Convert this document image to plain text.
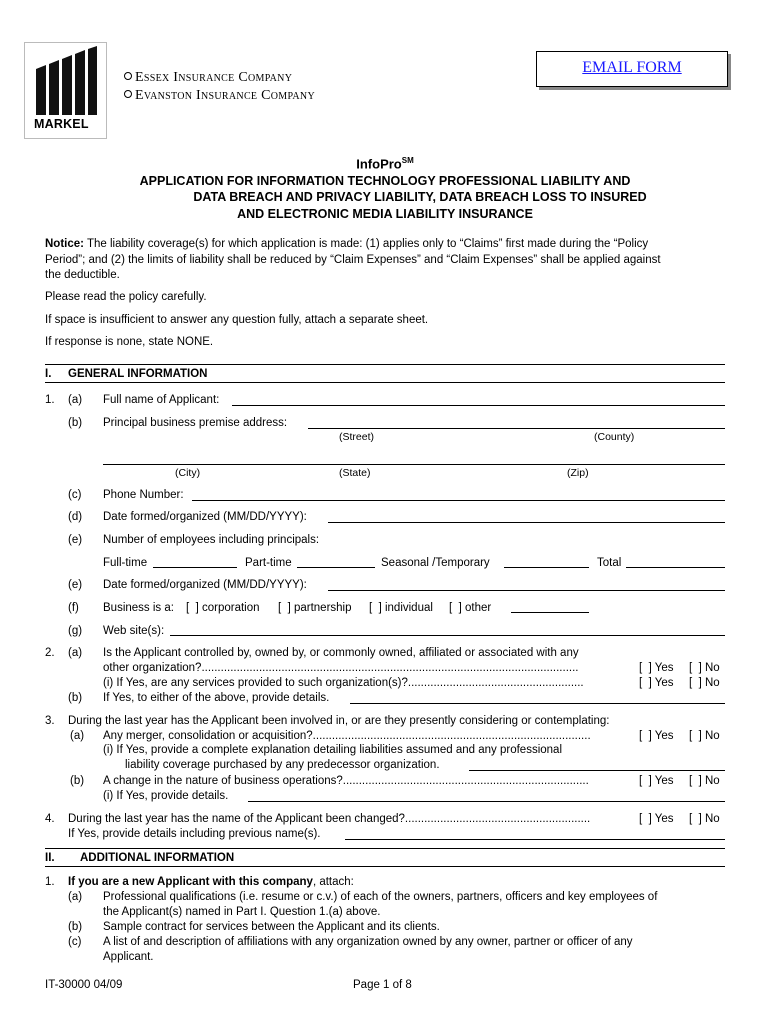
MARKEL
Essex Insurance Company
Evanston Insurance Company
EMAIL FORM
InfoPro℠
APPLICATION FOR INFORMATION TECHNOLOGY PROFESSIONAL LIABILITY AND
DATA BREACH AND PRIVACY LIABILITY, DATA BREACH LOSS TO INSURED
AND ELECTRONIC MEDIA LIABILITY INSURANCE
Notice: The liability coverage(s) for which application is made: (1) applies only to “Claims” first made during the “Policy
Period”; and (2) the limits of liability shall be reduced by “Claim Expenses” and “Claim Expenses” shall be applied against
the deductible.
Please read the policy carefully.
If space is insufficient to answer any question fully, attach a separate sheet.
If response is none, state NONE.
I. GENERAL INFORMATION
1. (a) Full name of Applicant:
(b) Principal business premise address:
(Street)	(County)
(City)	(State)	(Zip)
(c) Phone Number:
(d) Date formed/organized (MM/DD/YYYY):
(e) Number of employees including principals:
Full-time	Part-time	Seasonal /Temporary	Total
(e) Date formed/organized (MM/DD/YYYY):
(f) Business is a: [  ] corporation [  ] partnership [  ] individual [  ] other
(g) Web site(s):
2. (a) Is the Applicant controlled by, owned by, or commonly owned, affiliated or associated with any
other organization?......................................................................................................................	[  ] Yes [  ] No
(i) If Yes, are any services provided to such organization(s)?.......................................................	[  ] Yes [  ] No
(b) If Yes, to either of the above, provide details.
3. During the last year has the Applicant been involved in, or are they presently considering or contemplating:
(a) Any merger, consolidation or acquisition?.......................................................................................	[  ] Yes [  ] No
(i) If Yes, provide a complete explanation detailing liabilities assumed and any professional
liability coverage purchased by any predecessor organization.
(b) A change in the nature of business operations?.............................................................................	[  ] Yes [  ] No
(i) If Yes, provide details.
4. During the last year has the name of the Applicant been changed?..........................................................	[  ] Yes [  ] No
If Yes, provide details including previous name(s).
II. ADDITIONAL INFORMATION
1. If you are a new Applicant with this company, attach:
(a) Professional qualifications (i.e. resume or c.v.) of each of the owners, partners, officers and key employees of
the Applicant(s) named in Part I. Question 1.(a) above.
(b) Sample contract for services between the Applicant and its clients.
(c) A list of and description of affiliations with any organization owned by any owner, partner or officer of any
Applicant.
IT-30000 04/09	Page 1 of 8
